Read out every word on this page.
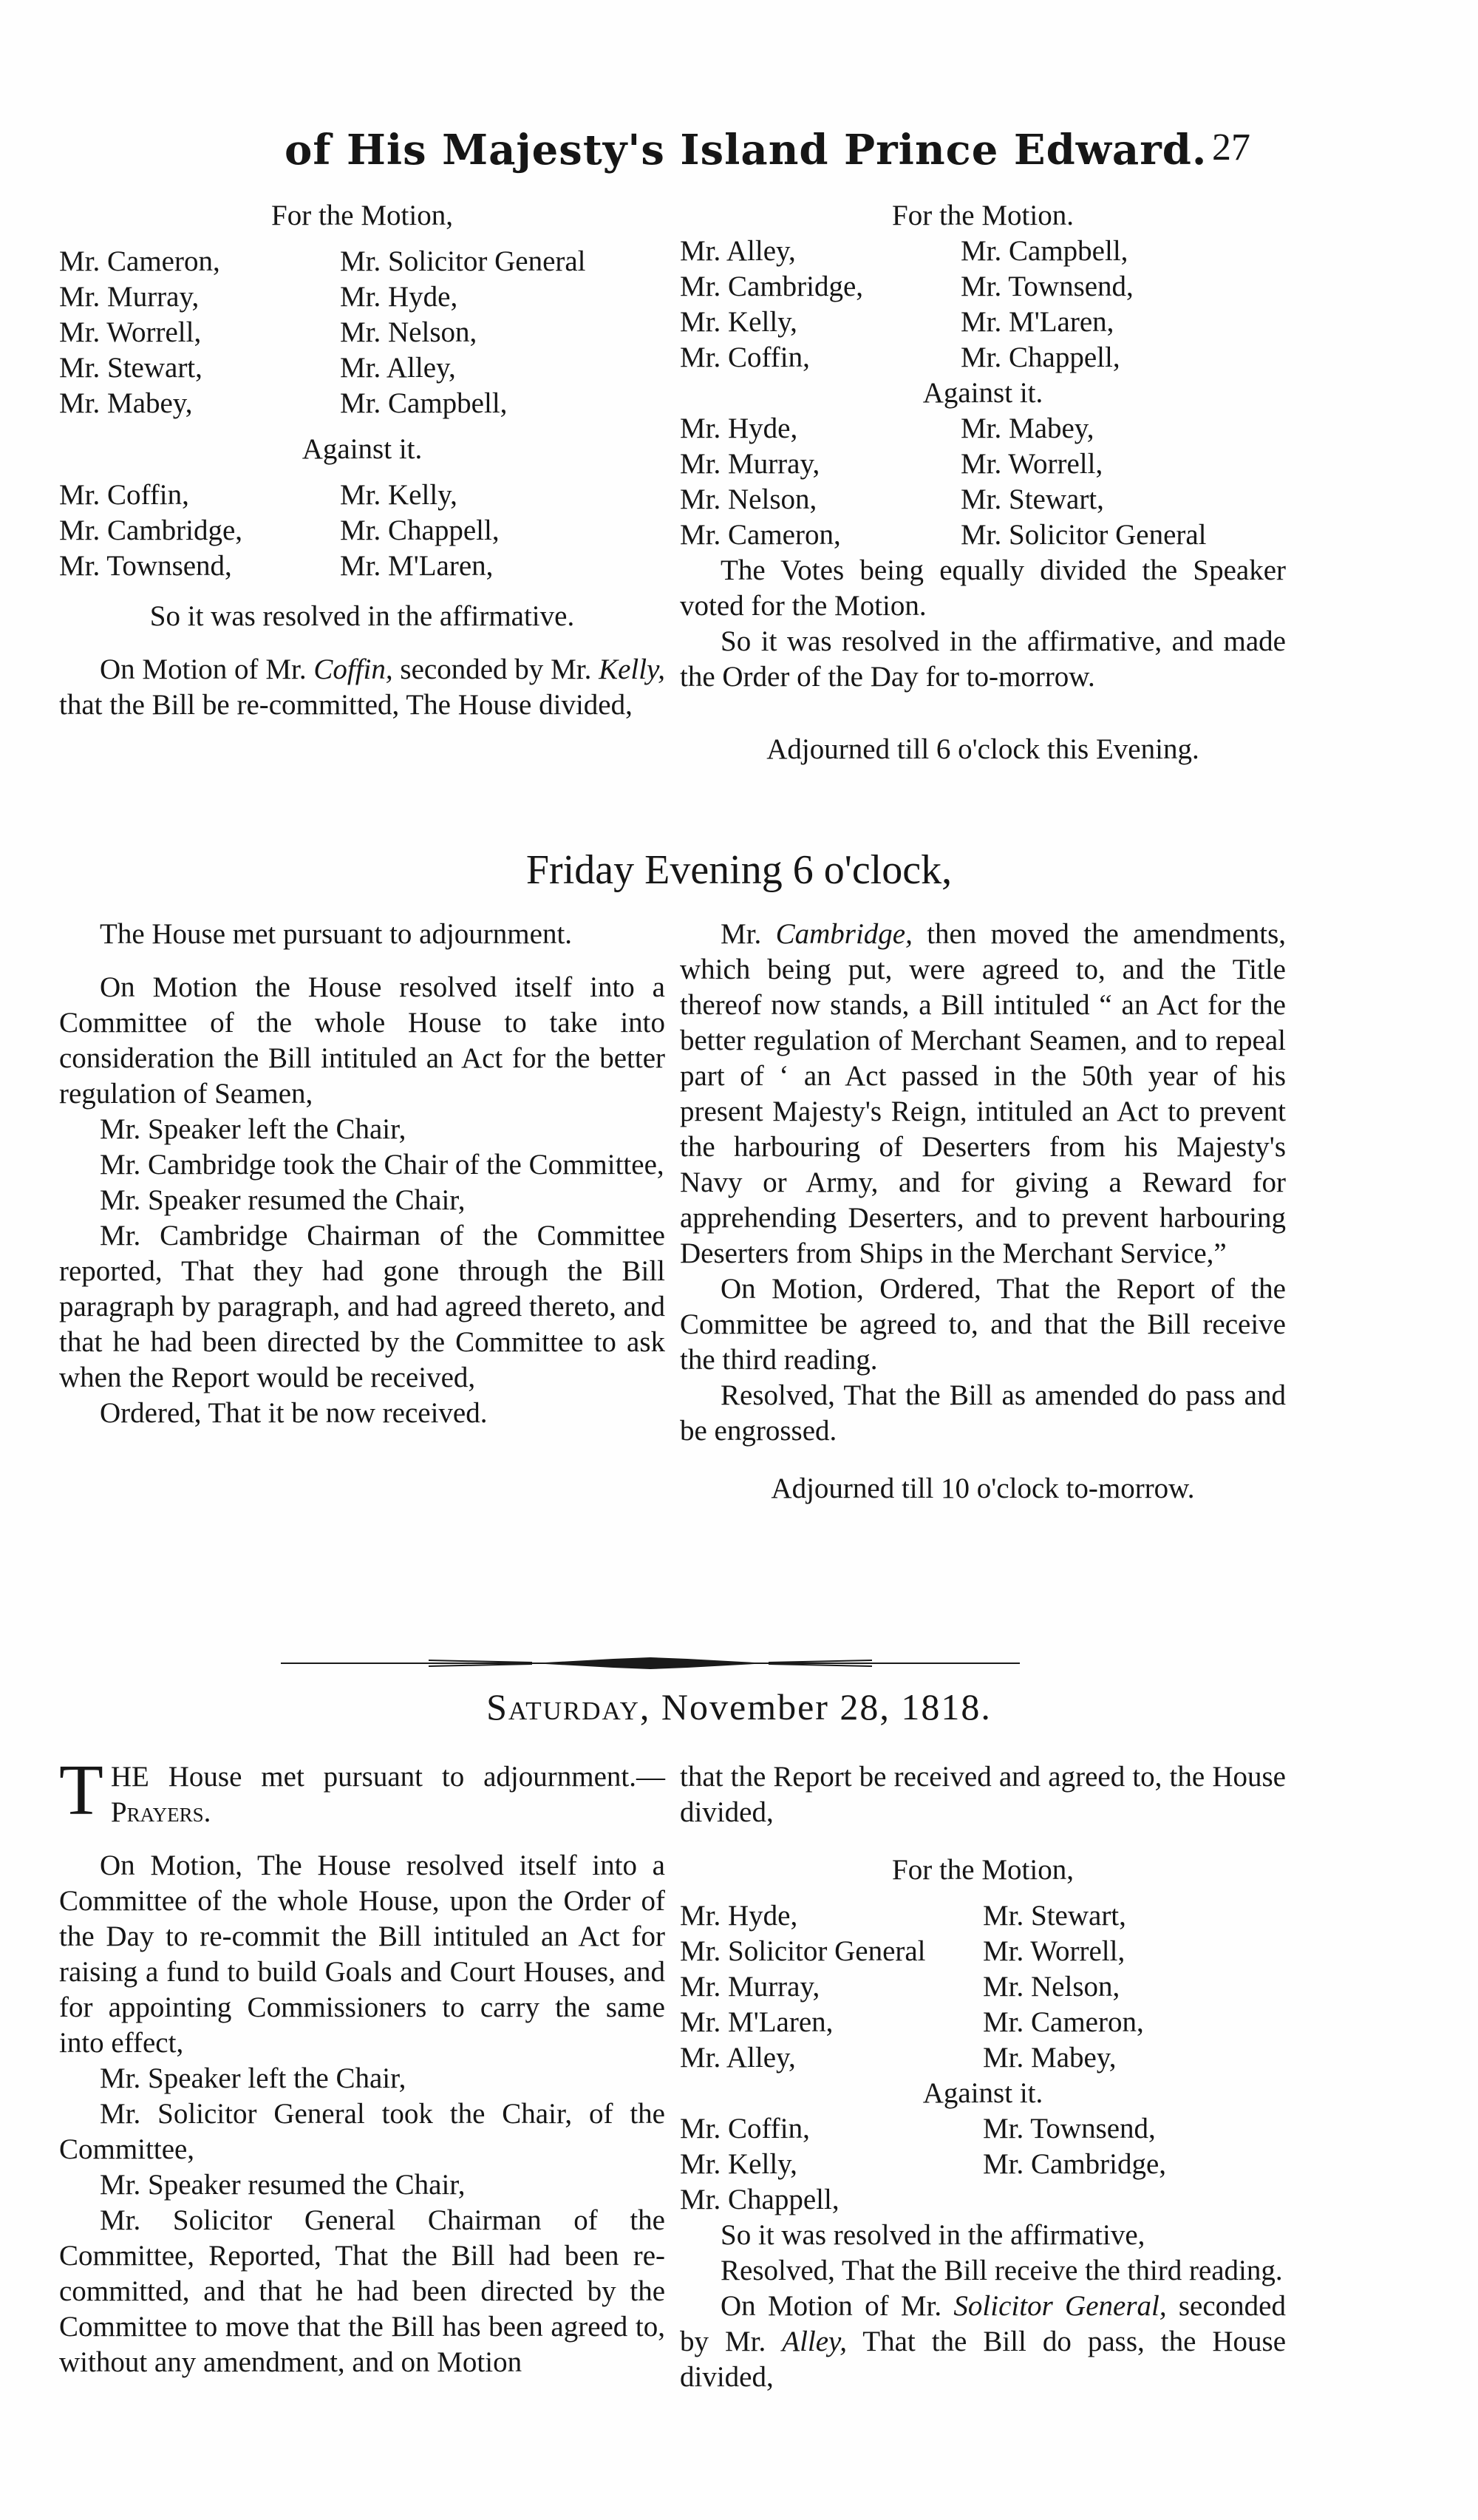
of His Majesty's Island Prince Edward. 27

For the Motion,

Mr. Cameron,	Mr. Solicitor General
Mr. Murray,	Mr. Hyde,
Mr. Worrell,	Mr. Nelson,
Mr. Stewart,	Mr. Alley,
Mr. Mabey,	Mr. Campbell,

Against it.

Mr. Coffin,	Mr. Kelly,
Mr. Cambridge,	Mr. Chappell,
Mr. Townsend,	Mr. M'Laren,

So it was resolved in the affirmative.

On Motion of Mr. Coffin, seconded by Mr. Kelly, that the Bill be re-committed, The House divided,

For the Motion.

Mr. Alley,	Mr. Campbell,
Mr. Cambridge,	Mr. Townsend,
Mr. Kelly,	Mr. M'Laren,
Mr. Coffin,	Mr. Chappell,

Against it.

Mr. Hyde,	Mr. Mabey,
Mr. Murray,	Mr. Worrell,
Mr. Nelson,	Mr. Stewart,
Mr. Cameron,	Mr. Solicitor General

The Votes being equally divided the Speaker voted for the Motion.

So it was resolved in the affirmative, and made the Order of the Day for to-morrow.

Adjourned till 6 o'clock this Evening.

Friday Evening 6 o'clock,

The House met pursuant to adjournment.

On Motion the House resolved itself into a Committee of the whole House to take into consideration the Bill intituled an Act for the better regulation of Seamen,

Mr. Speaker left the Chair,

Mr. Cambridge took the Chair of the Committee,

Mr. Speaker resumed the Chair,

Mr. Cambridge Chairman of the Committee reported, That they had gone through the Bill paragraph by paragraph, and had agreed thereto, and that he had been directed by the Committee to ask when the Report would be received,

Ordered, That it be now received.

Mr. Cambridge, then moved the amendments, which being put, were agreed to, and the Title thereof now stands, a Bill intituled “ an Act for the better regulation of Merchant Seamen, and to repeal part of ‘ an Act passed in the 50th year of his present Majesty's Reign, intituled an Act to prevent the harbouring of Deserters from his Majesty's Navy or Army, and for giving a Reward for apprehending Deserters, and to prevent harbouring Deserters from Ships in the Merchant Service,”

On Motion, Ordered, That the Report of the Committee be agreed to, and that the Bill receive the third reading.

Resolved, That the Bill as amended do pass and be engrossed.

Adjourned till 10 o'clock to-morrow.

Saturday, November 28, 1818.

THE House met pursuant to adjournment.—Prayers.

On Motion, The House resolved itself into a Committee of the whole House, upon the Order of the Day to re-commit the Bill intituled an Act for raising a fund to build Goals and Court Houses, and for appointing Commissioners to carry the same into effect,

Mr. Speaker left the Chair,

Mr. Solicitor General took the Chair, of the Committee,

Mr. Speaker resumed the Chair,

Mr. Solicitor General Chairman of the Committee, Reported, That the Bill had been re-committed, and that he had been directed by the Committee to move that the Bill has been agreed to, without any amendment, and on Motion

that the Report be received and agreed to, the House divided,

For the Motion,

Mr. Hyde,	Mr. Stewart,
Mr. Solicitor General	Mr. Worrell,
Mr. Murray,	Mr. Nelson,
Mr. M'Laren,	Mr. Cameron,
Mr. Alley,	Mr. Mabey,

Against it.

Mr. Coffin,	Mr. Townsend,
Mr. Kelly,	Mr. Cambridge,
Mr. Chappell,

So it was resolved in the affirmative,

Resolved, That the Bill receive the third reading.

On Motion of Mr. Solicitor General, seconded by Mr. Alley, That the Bill do pass, the House divided,
